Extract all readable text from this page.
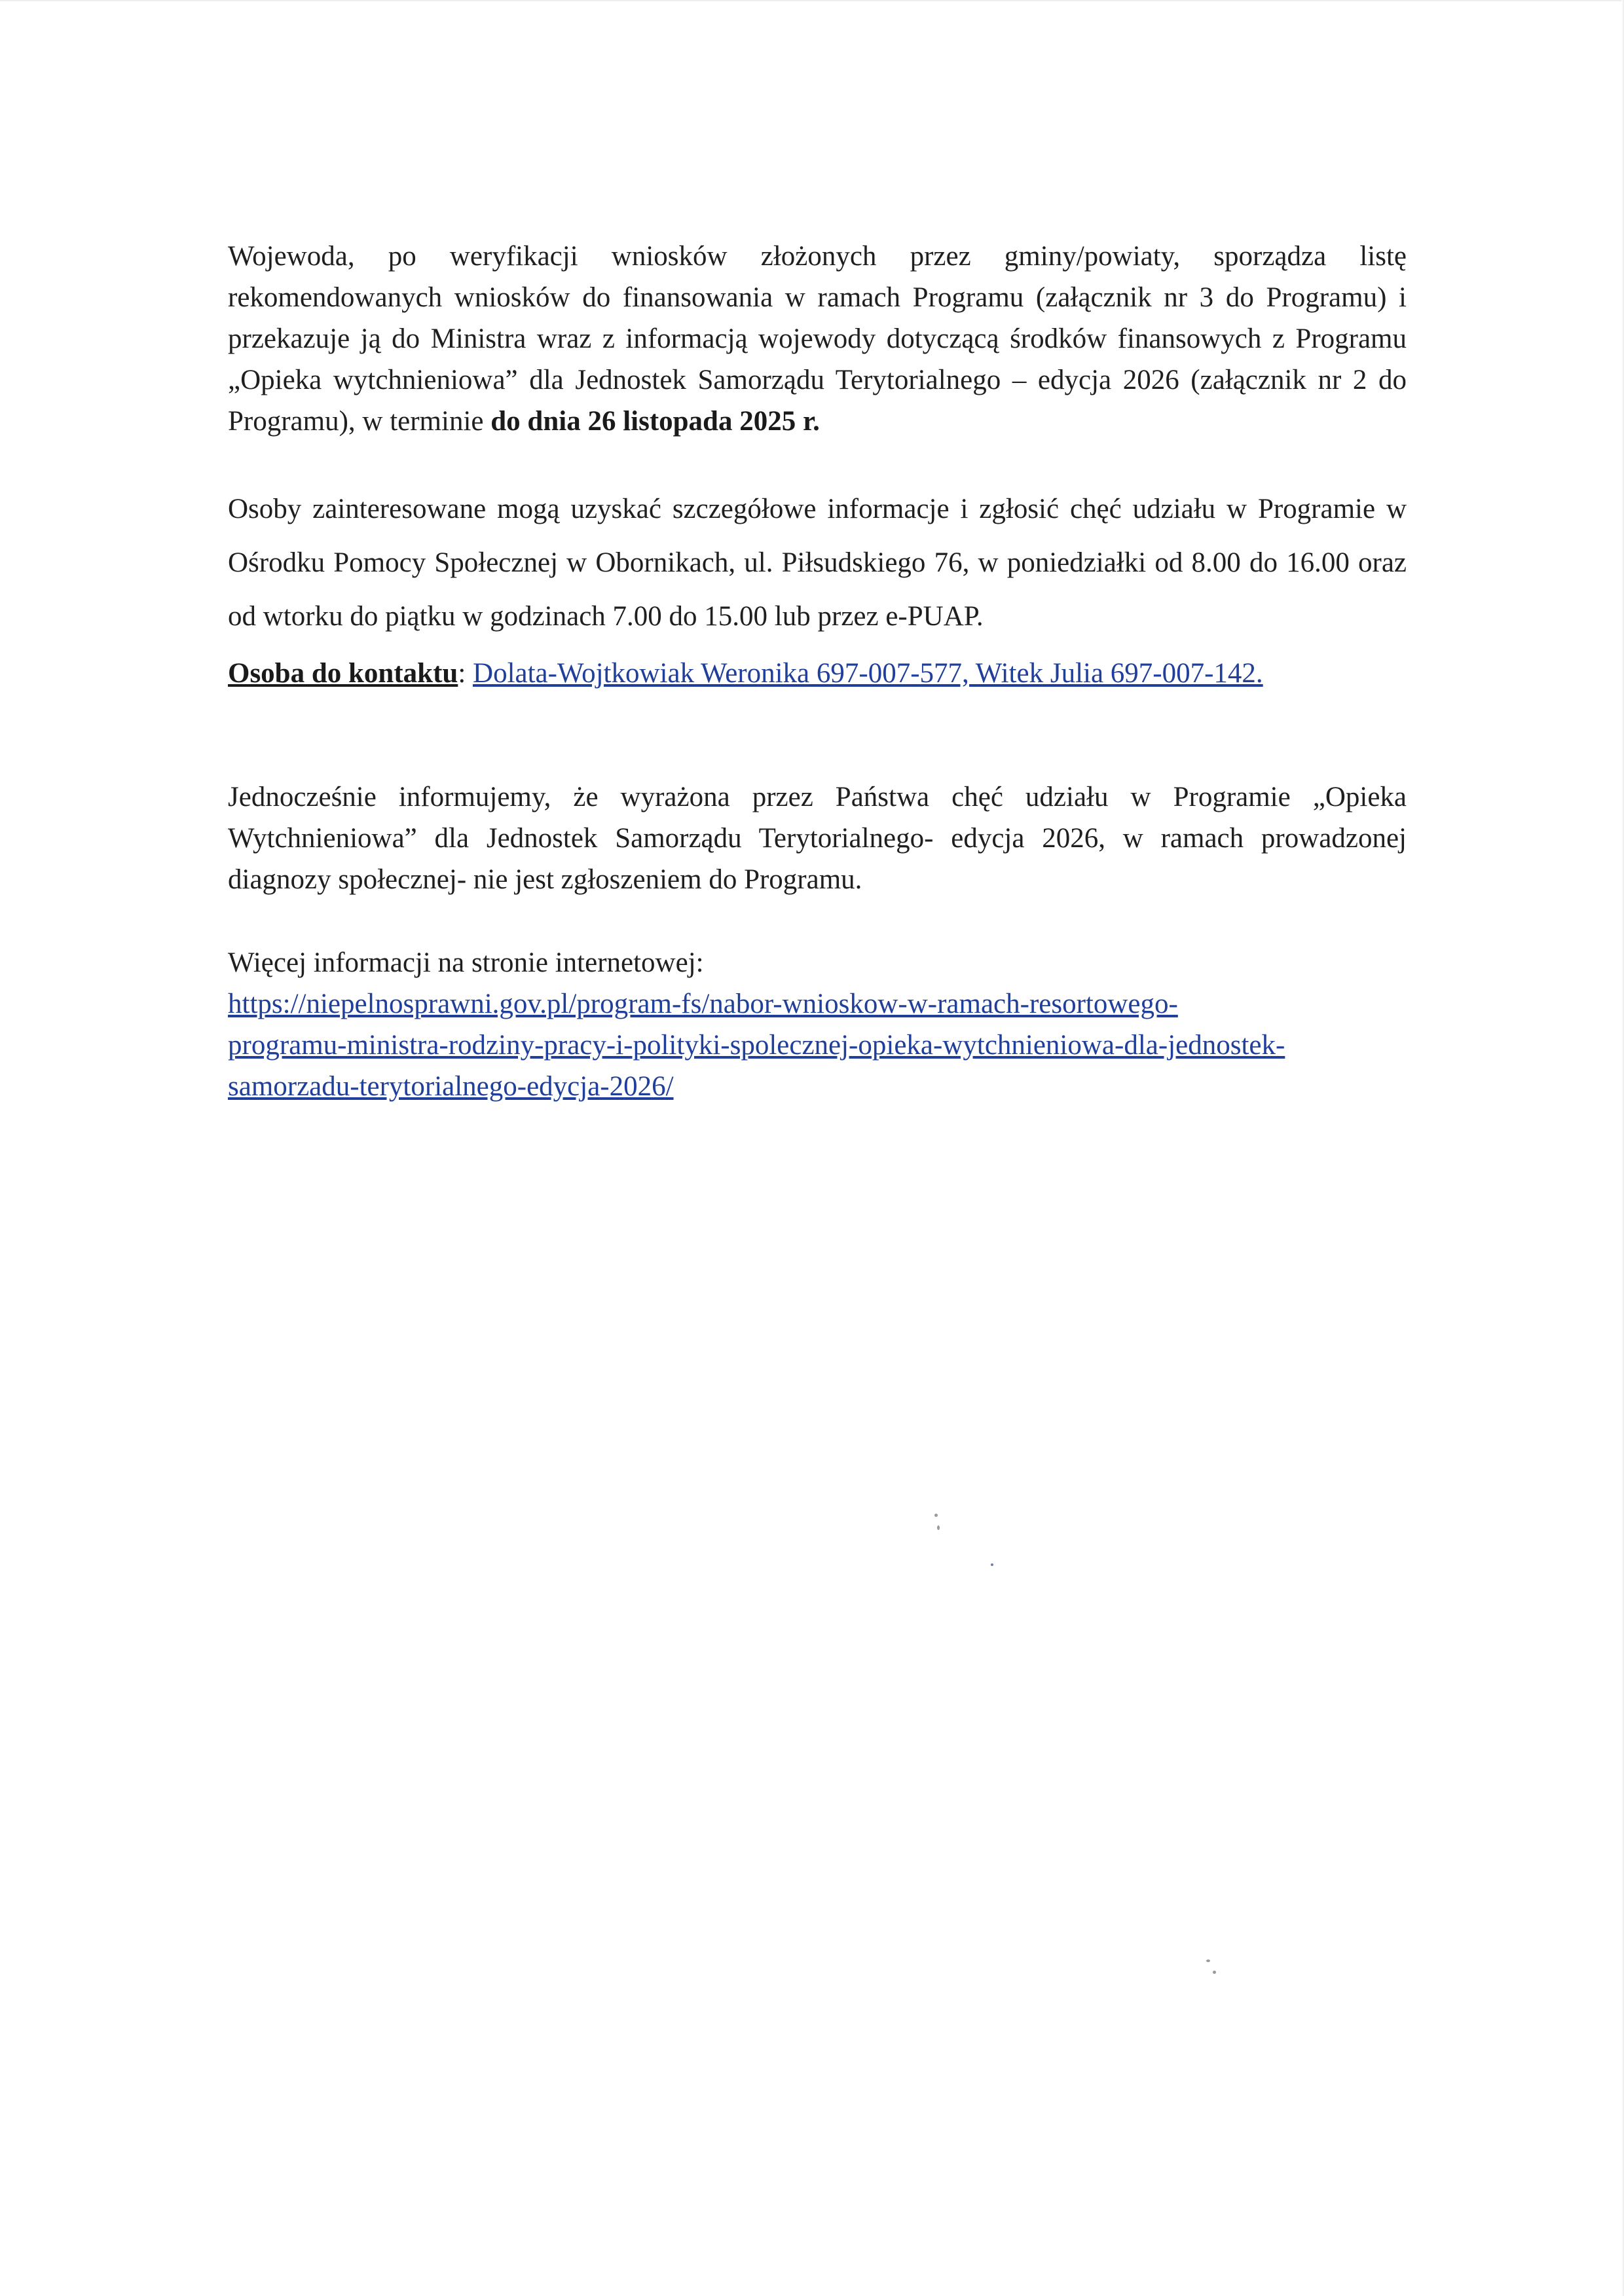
Wojewoda, po weryfikacji wniosków złożonych przez gminy/powiaty, sporządza listę rekomendowanych wniosków do finansowania w ramach Programu (załącznik nr 3 do Programu) i przekazuje ją do Ministra wraz z informacją wojewody dotyczącą środków finansowych z Programu „Opieka wytchnieniowa” dla Jednostek Samorządu Terytorialnego – edycja 2026 (załącznik nr 2 do Programu), w terminie do dnia 26 listopada 2025 r.

Osoby zainteresowane mogą uzyskać szczegółowe informacje i zgłosić chęć udziału w Programie w Ośrodku Pomocy Społecznej w Obornikach, ul. Piłsudskiego 76, w poniedziałki od 8.00 do 16.00 oraz od wtorku do piątku w godzinach 7.00 do 15.00 lub przez e-PUAP.

Osoba do kontaktu: Dolata-Wojtkowiak Weronika 697-007-577, Witek Julia 697-007-142.

Jednocześnie informujemy, że wyrażona przez Państwa chęć udziału w Programie „Opieka Wytchnieniowa” dla Jednostek Samorządu Terytorialnego- edycja 2026, w ramach prowadzonej diagnozy społecznej- nie jest zgłoszeniem do Programu.

Więcej informacji na stronie internetowej:

https://niepelnosprawni.gov.pl/program-fs/nabor-wnioskow-w-ramach-resortowego-
programu-ministra-rodziny-pracy-i-polityki-spolecznej-opieka-wytchnieniowa-dla-jednostek-
samorzadu-terytorialnego-edycja-2026/
